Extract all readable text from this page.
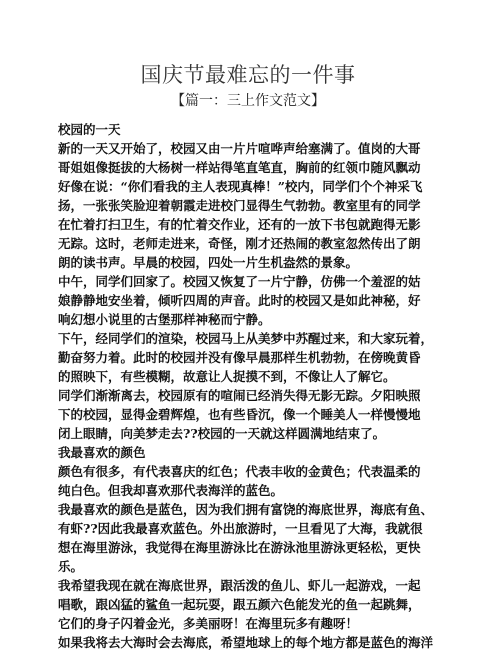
国庆节最难忘的一件事
【篇一：三上作文范文】
校园的一天
新的一天又开始了，校园又由一片片喧哗声给塞满了。值岗的大哥
哥姐姐像挺拔的大杨树一样站得笔直笔直，胸前的红领巾随风飘动
好像在说：“你们看我的主人表现真棒！”校内，同学们个个神采飞
扬，一张张笑脸迎着朝霞走进校门显得生气勃勃。教室里有的同学
在忙着打扫卫生，有的忙着交作业，还有的一放下书包就跑得无影
无踪。这时，老师走进来，奇怪，刚才还热闹的教室忽然传出了朗
朗的读书声。早晨的校园，四处一片生机盎然的景象。
中午，同学们回家了。校园又恢复了一片宁静，仿佛一个羞涩的姑
娘静静地安坐着，倾听四周的声音。此时的校园又是如此神秘，好
响幻想小说里的古堡那样神秘而宁静。
下午，经同学们的渲染，校园马上从美梦中苏醒过来，和大家玩着，
勤奋努力着。此时的校园并没有像早晨那样生机勃勃，在傍晚黄昏
的照映下，有些模糊，故意让人捉摸不到，不像让人了解它。
同学们渐渐离去，校园原有的喧闹已经消失得无影无踪。夕阳映照
下的校园，显得金碧辉煌，也有些昏沉，像一个睡美人一样慢慢地
闭上眼睛，向美梦走去??校园的一天就这样圆满地结束了。
我最喜欢的颜色
颜色有很多，有代表喜庆的红色；代表丰收的金黄色；代表温柔的
纯白色。但我却喜欢那代表海洋的蓝色。
我最喜欢的颜色是蓝色，因为我们拥有富饶的海底世界，海底有鱼、
有虾??因此我最喜欢蓝色。外出旅游时，一旦看见了大海，我就很
想在海里游泳，我觉得在海里游泳比在游泳池里游泳更轻松，更快
乐。
我希望我现在就在海底世界，跟活泼的鱼儿、虾儿一起游戏，一起
唱歌，跟凶猛的鲨鱼一起玩耍，跟五颜六色能发光的鱼一起跳舞，
它们的身子闪着金光，多美丽呀！在海里玩多有趣呀！
如果我将去大海时会去海底，希望地球上的每个地方都是蓝色的海洋
